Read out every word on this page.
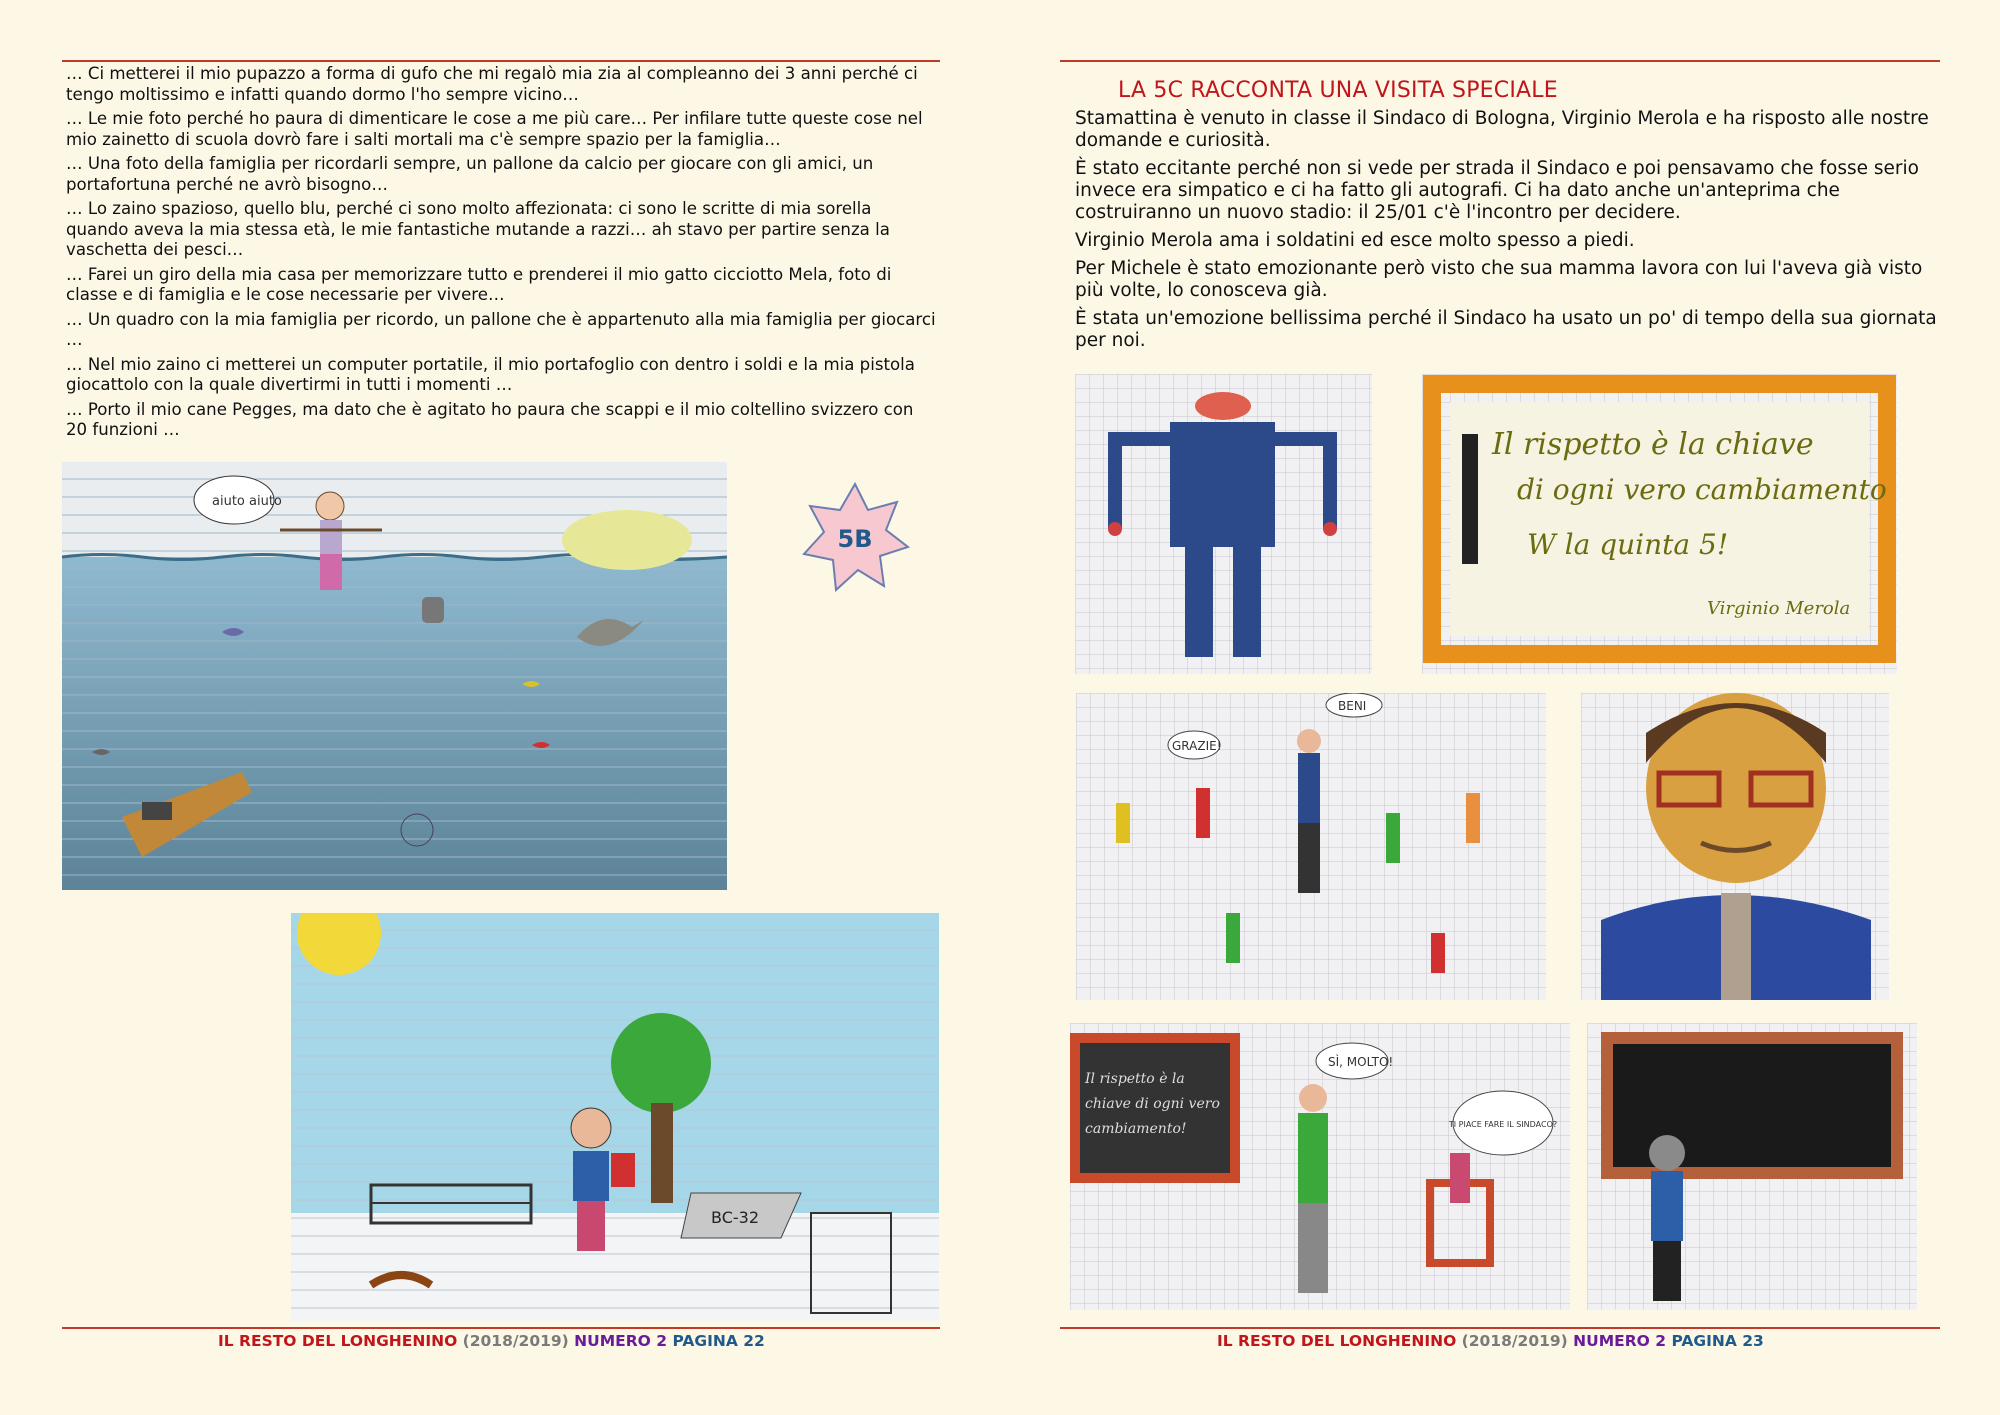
… Ci metterei il mio pupazzo a forma di gufo che mi regalò mia zia al compleanno dei 3 anni perché ci tengo moltissimo e infatti quando dormo l'ho sempre vicino…

… Le mie foto perché ho paura di dimenticare le cose a me più care… Per infilare tutte queste cose nel mio zainetto di scuola dovrò fare i salti mortali ma c'è sempre spazio per la famiglia…

… Una foto della famiglia per ricordarli sempre, un pallone da calcio per giocare con gli amici, un portafortuna perché ne avrò bisogno…

… Lo zaino spazioso, quello blu, perché ci sono molto affezionata: ci sono le scritte di mia sorella quando aveva la mia stessa età, le mie fantastiche mutande a razzi… ah stavo per partire senza la vaschetta dei pesci…

… Farei un giro della mia casa per memorizzare tutto e prenderei il mio gatto cicciotto Mela, foto di classe e di famiglia e le cose necessarie per vivere…

… Un quadro con la mia famiglia per ricordo, un pallone che è appartenuto alla mia famiglia per giocarci …

… Nel mio zaino ci metterei un computer portatile, il mio portafoglio con dentro i soldi e la mia pistola giocattolo con la quale divertirmi in tutti i momenti …

… Porto il mio cane Pegges, ma dato che è agitato ho paura che scappi e il mio coltellino svizzero con 20 funzioni …

aiuto aiuto
5B
BC-32
IL RESTO DEL LONGHENINO (2018/2019) NUMERO 2 PAGINA 22
LA 5C RACCONTA UNA VISITA SPECIALE

Stamattina è venuto in classe il Sindaco di Bologna, Virginio Merola e ha risposto alle nostre domande e curiosità.

È stato eccitante perché non si vede per strada il Sindaco e poi pensavamo che fosse serio invece era simpatico e ci ha fatto gli autografi. Ci ha dato anche un'anteprima che costruiranno un nuovo stadio: il 25/01 c'è l'incontro per decidere.

Virginio Merola ama i soldatini ed esce molto spesso a piedi.

Per Michele è stato emozionante però visto che sua mamma lavora con lui l'aveva già visto più volte, lo conosceva già.

È stata un'emozione bellissima perché il Sindaco ha usato un po' di tempo della sua giornata per noi.

Il rispetto è la chiave
di ogni vero cambiamento
W la quinta 5!
Virginio Merola
GRAZIE!
BENI
Il rispetto è la
chiave di ogni vero
cambiamento!
SÌ, MOLTO!
TI PIACE FARE IL SINDACO?
IL RESTO DEL LONGHENINO (2018/2019) NUMERO 2 PAGINA 23
